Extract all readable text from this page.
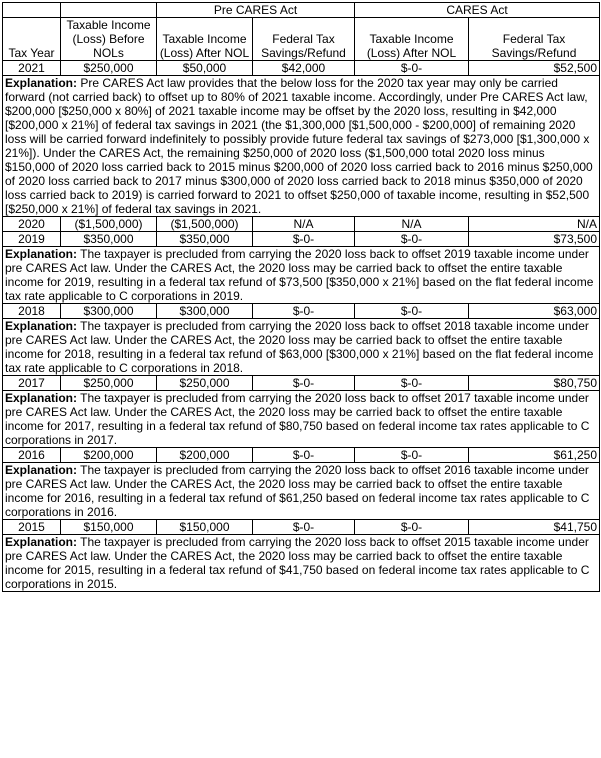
		Pre CARES Act		CARES Act	
Tax Year	Taxable Income (Loss) Before NOLs	Taxable Income (Loss) After NOL	Federal Tax Savings/Refund	Taxable Income (Loss) After NOL	Federal Tax Savings/Refund
2021	$250,000	$50,000	$42,000	$-0-	$52,500
Explanation: Pre CARES Act law provides that the below loss for the 2020 tax year may only be carried forward (not carried back) to offset up to 80% of 2021 taxable income. Accordingly, under Pre CARES Act law, $200,000 [$250,000 x 80%] of 2021 taxable income may be offset by the 2020 loss, resulting in $42,000 [$200,000 x 21%] of federal tax savings in 2021 (the $1,300,000 [$1,500,000 - $200,000] of remaining 2020 loss will be carried forward indefinitely to possibly provide future federal tax savings of $273,000 [$1,300,000 x 21%]). Under the CARES Act, the remaining $250,000 of 2020 loss ($1,500,000 total 2020 loss minus $150,000 of 2020 loss carried back to 2015 minus $200,000 of 2020 loss carried back to 2016 minus $250,000 of 2020 loss carried back to 2017 minus $300,000 of 2020 loss carried back to 2018 minus $350,000 of 2020 loss carried back to 2019) is carried forward to 2021 to offset $250,000 of taxable income, resulting in $52,500 [$250,000 x 21%] of federal tax savings in 2021.					
2020	($1,500,000)	($1,500,000)	N/A	N/A	N/A
2019	$350,000	$350,000	$-0-	$-0-	$73,500
Explanation: The taxpayer is precluded from carrying the 2020 loss back to offset 2019 taxable income under pre CARES Act law. Under the CARES Act, the 2020 loss may be carried back to offset the entire taxable income for 2019, resulting in a federal tax refund of $73,500 [$350,000 x 21%] based on the flat federal income tax rate applicable to C corporations in 2019.					
2018	$300,000	$300,000	$-0-	$-0-	$63,000
Explanation: The taxpayer is precluded from carrying the 2020 loss back to offset 2018 taxable income under pre CARES Act law. Under the CARES Act, the 2020 loss may be carried back to offset the entire taxable income for 2018, resulting in a federal tax refund of $63,000 [$300,000 x 21%] based on the flat federal income tax rate applicable to C corporations in 2018.					
2017	$250,000	$250,000	$-0-	$-0-	$80,750
Explanation: The taxpayer is precluded from carrying the 2020 loss back to offset 2017 taxable income under pre CARES Act law. Under the CARES Act, the 2020 loss may be carried back to offset the entire taxable income for 2017, resulting in a federal tax refund of $80,750 based on federal income tax rates applicable to C corporations in 2017.					
2016	$200,000	$200,000	$-0-	$-0-	$61,250
Explanation: The taxpayer is precluded from carrying the 2020 loss back to offset 2016 taxable income under pre CARES Act law. Under the CARES Act, the 2020 loss may be carried back to offset the entire taxable income for 2016, resulting in a federal tax refund of $61,250 based on federal income tax rates applicable to C corporations in 2016.					
2015	$150,000	$150,000	$-0-	$-0-	$41,750
Explanation: The taxpayer is precluded from carrying the 2020 loss back to offset 2015 taxable income under pre CARES Act law. Under the CARES Act, the 2020 loss may be carried back to offset the entire taxable income for 2015, resulting in a federal tax refund of $41,750 based on federal income tax rates applicable to C corporations in 2015.					
